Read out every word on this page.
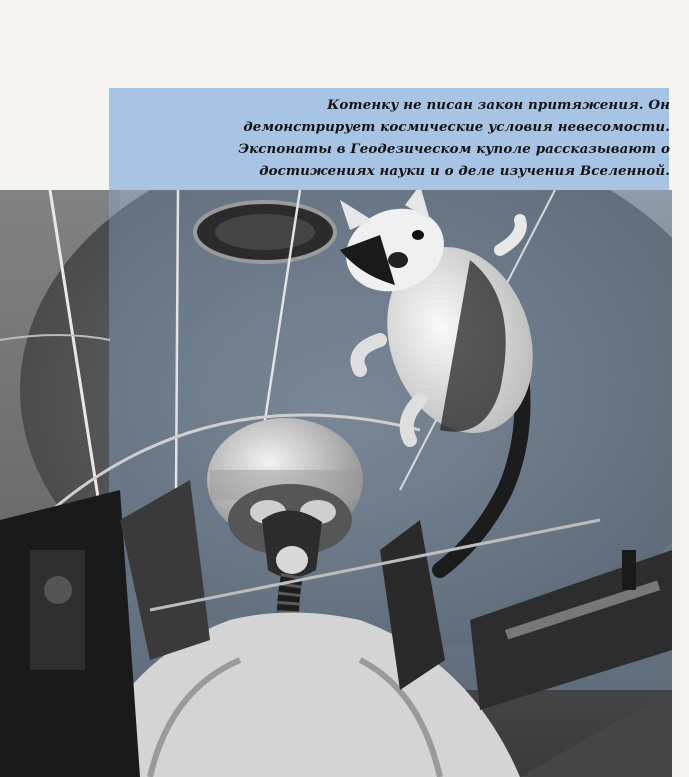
Котенку не писан закон притяжения. Он
демонстрирует космические условия невесомости.
Экспонаты в Геодезическом куполе рассказывают о
достижениях науки и о деле изучения Вселенной.
